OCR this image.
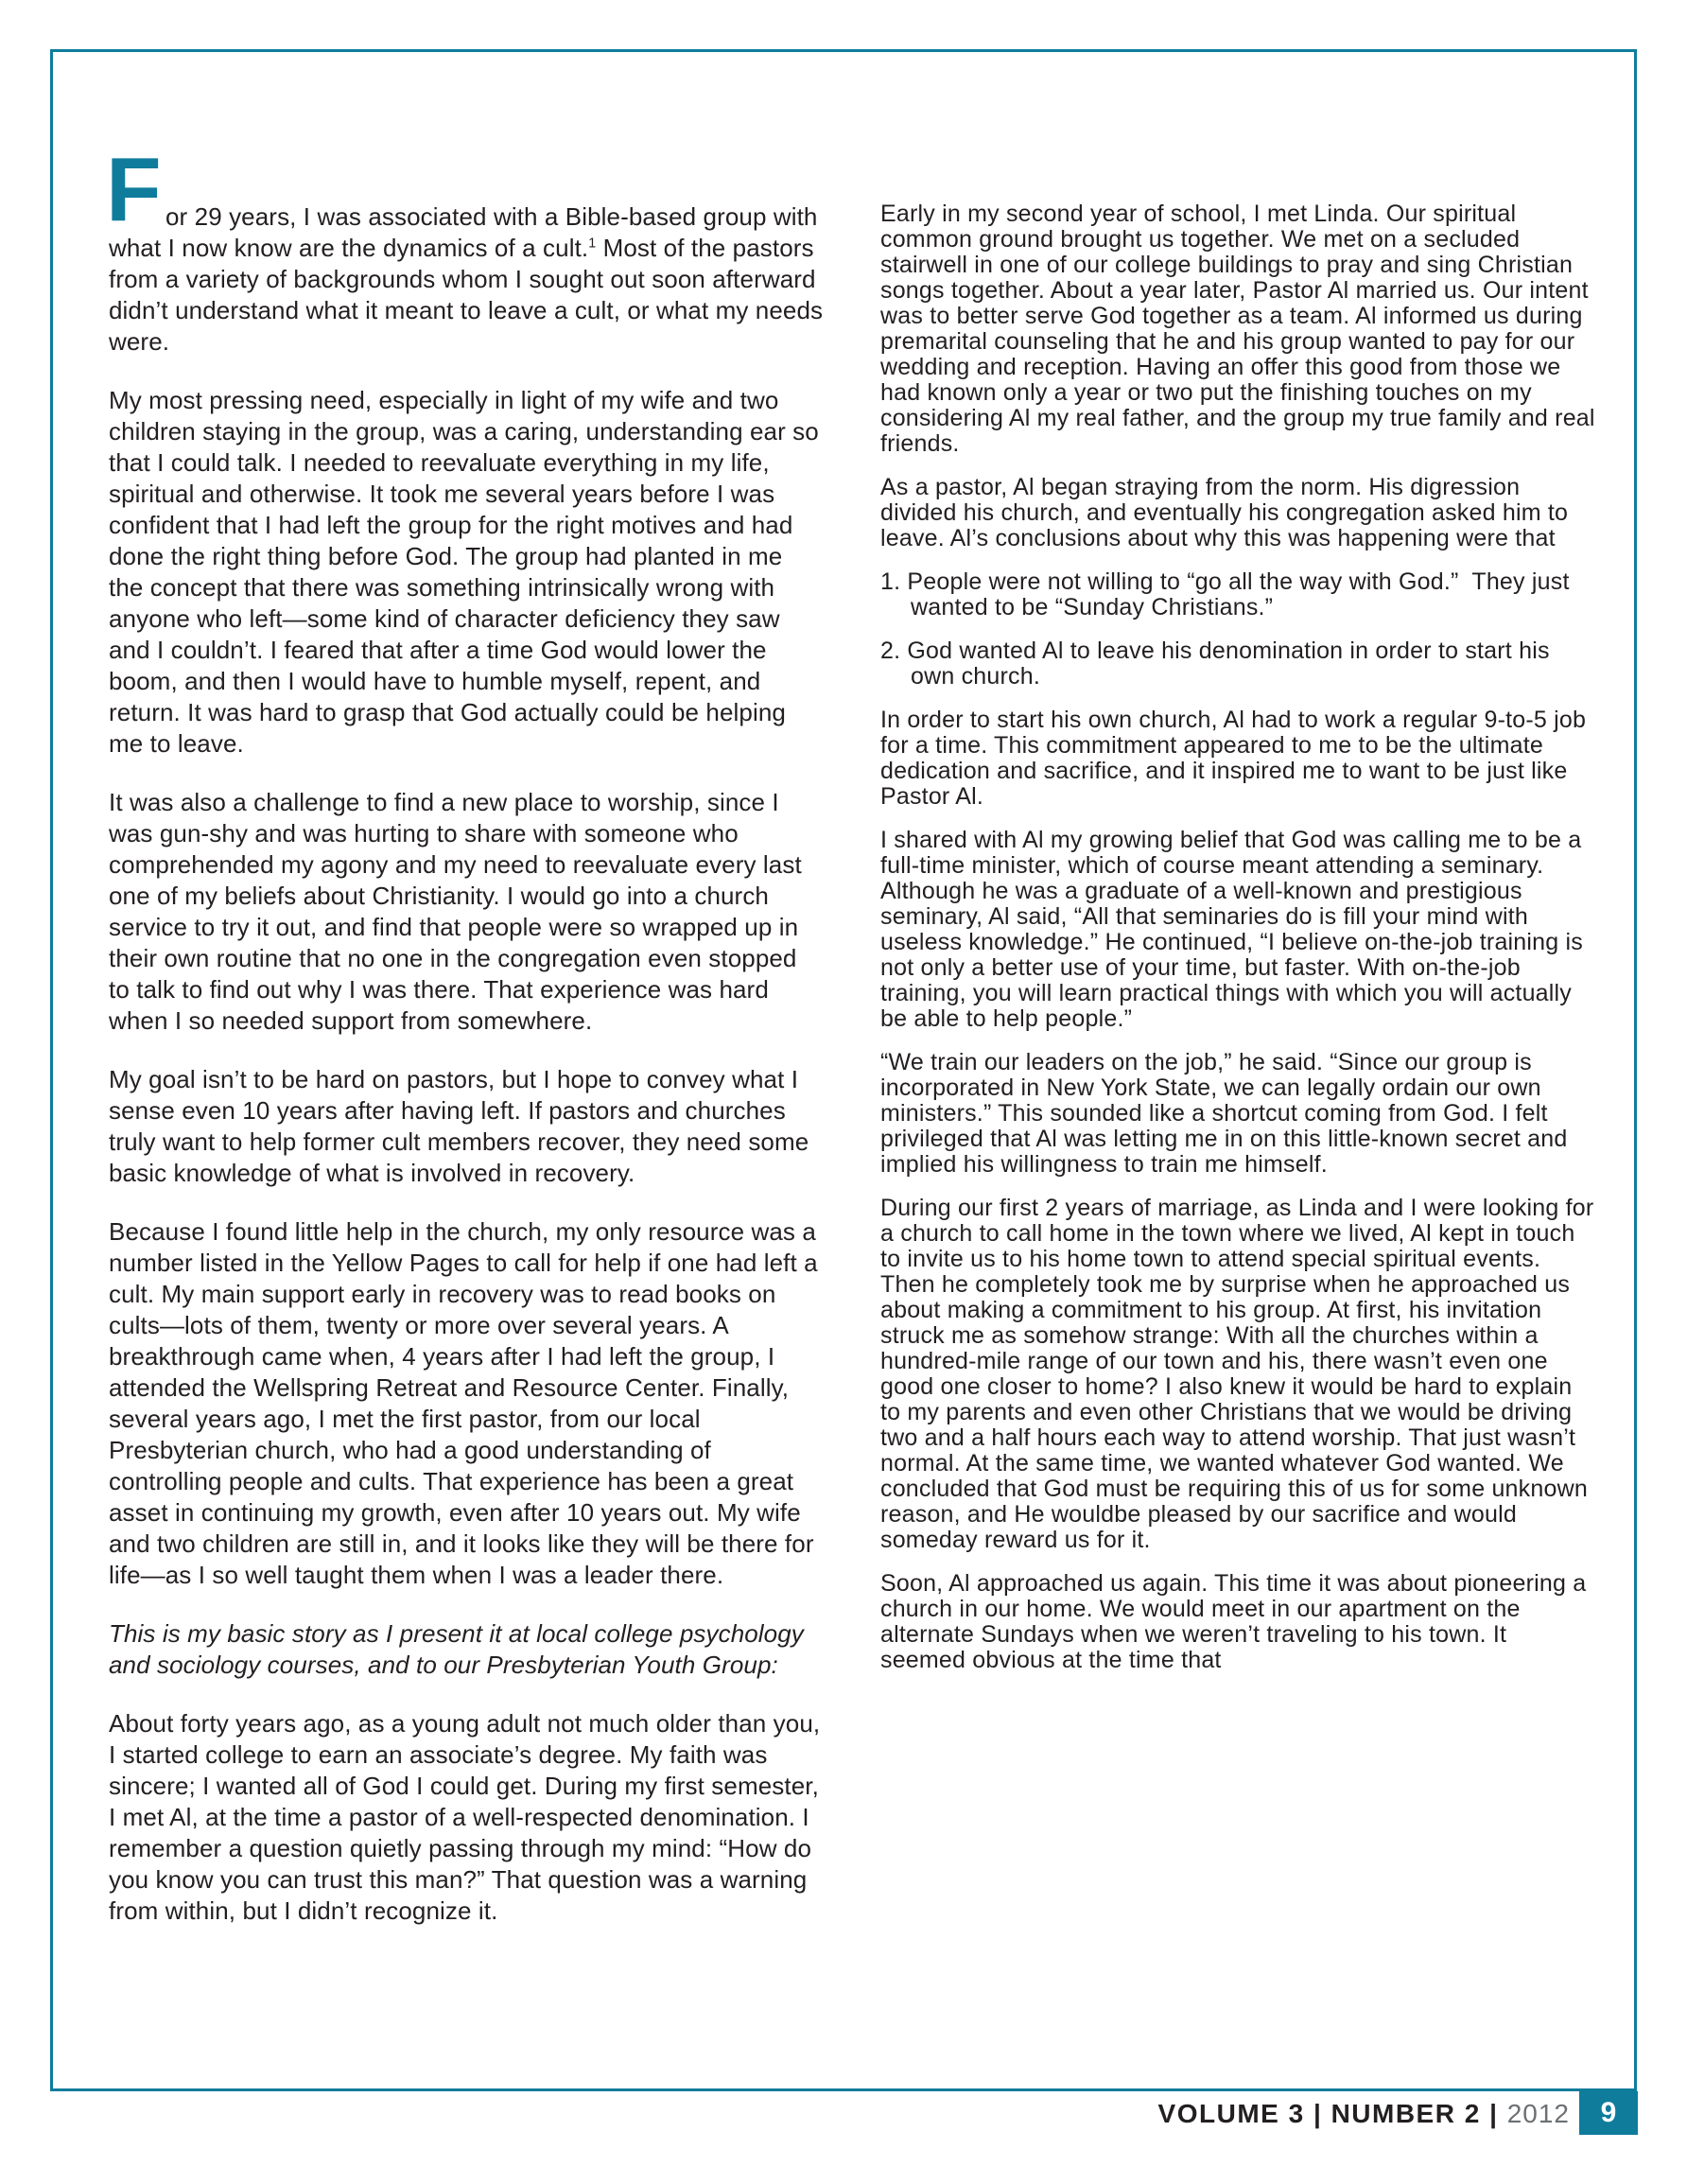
F or 29 years, I was associated with a Bible-based group with what I now know are the dynamics of a cult.$^1$ Most of the pastors from a variety of backgrounds whom I sought out soon afterward didn’t understand what it meant to leave a cult, or what my needs were.

My most pressing need, especially in light of my wife and two children staying in the group, was a caring, understanding ear so that I could talk. I needed to reevaluate everything in my life, spiritual and otherwise. It took me several years before I was confident that I had left the group for the right motives and had done the right thing before God. The group had planted in me the concept that there was something intrinsically wrong with anyone who left—some kind of character deficiency they saw and I couldn’t. I feared that after a time God would lower the boom, and then I would have to humble myself, repent, and return. It was hard to grasp that God actually could be helping me to leave.

It was also a challenge to find a new place to worship, since I was gun-shy and was hurting to share with someone who comprehended my agony and my need to reevaluate every last one of my beliefs about Christianity. I would go into a church service to try it out, and find that people were so wrapped up in their own routine that no one in the congregation even stopped to talk to find out why I was there. That experience was hard when I so needed support from somewhere.

My goal isn’t to be hard on pastors, but I hope to convey what I sense even 10 years after having left. If pastors and churches truly want to help former cult members recover, they need some basic knowledge of what is involved in recovery.

Because I found little help in the church, my only resource was a number listed in the Yellow Pages to call for help if one had left a cult. My main support early in recovery was to read books on cults—lots of them, twenty or more over several years. A breakthrough came when, 4 years after I had left the group, I attended the Wellspring Retreat and Resource Center. Finally, several years ago, I met the first pastor, from our local Presbyterian church, who had a good understanding of controlling people and cults. That experience has been a great asset in continuing my growth, even after 10 years out. My wife and two children are still in, and it looks like they will be there for life—as I so well taught them when I was a leader there.

This is my basic story as I present it at local college psychology and sociology courses, and to our Presbyterian Youth Group:

About forty years ago, as a young adult not much older than you, I started college to earn an associate’s degree. My faith was sincere; I wanted all of God I could get. During my first semester, I met Al, at the time a pastor of a well-respected denomination. I remember a question quietly passing through my mind: “How do you know you can trust this man?” That question was a warning from within, but I didn’t recognize it.

Early in my second year of school, I met Linda. Our spiritual common ground brought us together. We met on a secluded stairwell in one of our college buildings to pray and sing Christian songs together. About a year later, Pastor Al married us. Our intent was to better serve God together as a team. Al informed us during premarital counseling that he and his group wanted to pay for our wedding and reception. Having an offer this good from those we had known only a year or two put the finishing touches on my considering Al my real father, and the group my true family and real friends.

As a pastor, Al began straying from the norm. His digression divided his church, and eventually his congregation asked him to leave. Al’s conclusions about why this was happening were that

1. People were not willing to “go all the way with God.”  They just wanted to be “Sunday Christians.”

2. God wanted Al to leave his denomination in order to start his own church.

In order to start his own church, Al had to work a regular 9-to-5 job for a time. This commitment appeared to me to be the ultimate dedication and sacrifice, and it inspired me to want to be just like Pastor Al.

I shared with Al my growing belief that God was calling me to be a full-time minister, which of course meant attending a seminary. Although he was a graduate of a well-known and prestigious seminary, Al said, “All that seminaries do is fill your mind with useless knowledge.” He continued, “I believe on-the-job training is not only a better use of your time, but faster. With on-the-job training, you will learn practical things with which you will actually be able to help people.”

“We train our leaders on the job,” he said. “Since our group is incorporated in New York State, we can legally ordain our own ministers.” This sounded like a shortcut coming from God. I felt privileged that Al was letting me in on this little-known secret and implied his willingness to train me himself.

During our first 2 years of marriage, as Linda and I were looking for a church to call home in the town where we lived, Al kept in touch to invite us to his home town to attend special spiritual events. Then he completely took me by surprise when he approached us about making a commitment to his group. At first, his invitation struck me as somehow strange: With all the churches within a hundred-mile range of our town and his, there wasn’t even one good one closer to home? I also knew it would be hard to explain to my parents and even other Christians that we would be driving two and a half hours each way to attend worship. That just wasn’t normal. At the same time, we wanted whatever God wanted. We concluded that God must be requiring this of us for some unknown reason, and He wouldbe pleased by our sacrifice and would someday reward us for it.

Soon, Al approached us again. This time it was about pioneering a church in our home. We would meet in our apartment on the alternate Sundays when we weren’t traveling to his town. It seemed obvious at the time that

VOLUME 3 | NUMBER 2 | 2012 9
